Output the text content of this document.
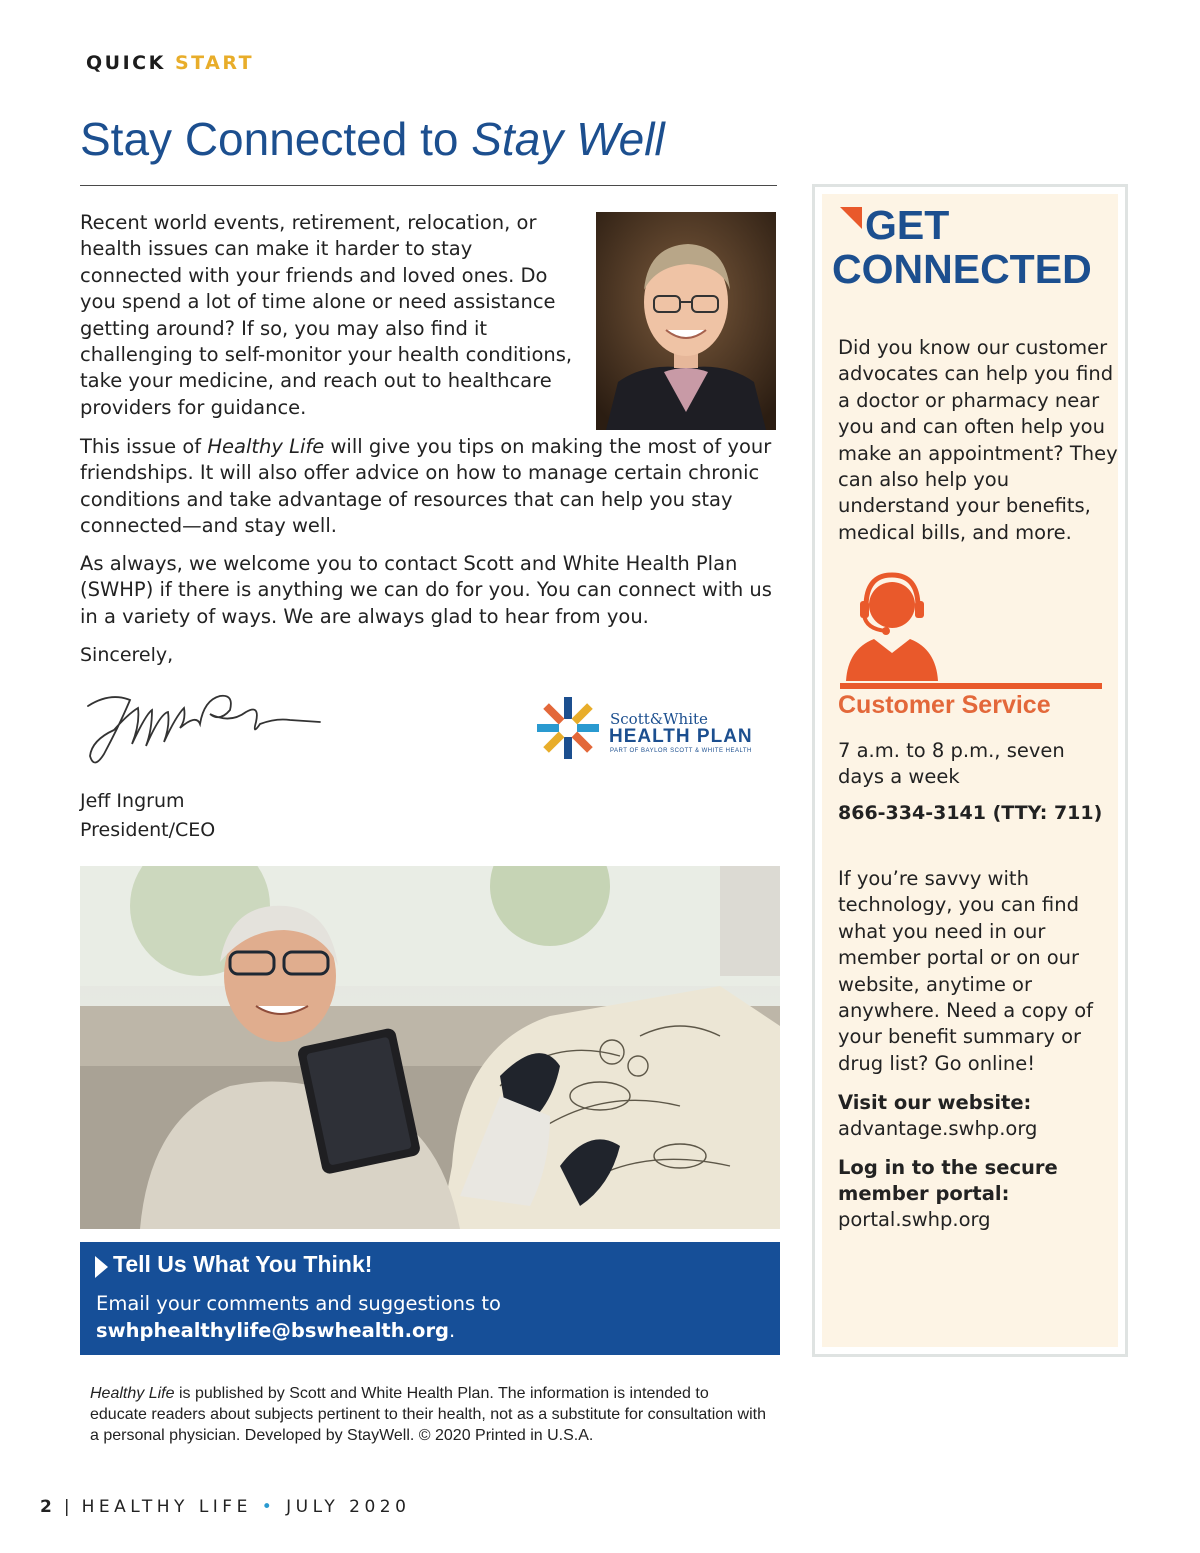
QUICK START
Stay Connected to Stay Well

Recent world events, retirement, relocation, or health issues can make it harder to stay connected with your friends and loved ones. Do you spend a lot of time alone or need assistance getting around? If so, you may also find it challenging to self-monitor your health conditions, take your medicine, and reach out to healthcare providers for guidance.

This issue of Healthy Life will give you tips on making the most of your friendships. It will also offer advice on how to manage certain chronic conditions and take advantage of resources that can help you stay connected—and stay well.

As always, we welcome you to contact Scott and White Health Plan (SWHP) if there is anything we can do for you. You can connect with us in a variety of ways. We are always glad to hear from you.

Sincerely,
Jeff Ingrum
President/CEO
Scott&White
HEALTH PLAN
PART OF BAYLOR SCOTT & WHITE HEALTH
Tell Us What You Think!
Email your comments and suggestions to
swhphealthylife@bswhealth.org.
Healthy Life is published by Scott and White Health Plan. The information is intended to educate readers about subjects pertinent to their health, not as a substitute for consultation with a personal physician. Developed by StayWell. © 2020 Printed in U.S.A.
2 | HEALTHY LIFE • JULY 2020
GET
CONNECTED

Did you know our customer advocates can help you find a doctor or pharmacy near you and can often help you make an appointment? They can also help you understand your benefits, medical bills, and more.

Customer Service
7 a.m. to 8 p.m., seven days a week
866-334-3141 (TTY: 711)

If you’re savvy with technology, you can find what you need in our member portal or on our website, anytime or anywhere. Need a copy of your benefit summary or drug list? Go online!

Visit our website:
advantage.swhp.org
Log in to the secure
member portal:
portal.swhp.org
